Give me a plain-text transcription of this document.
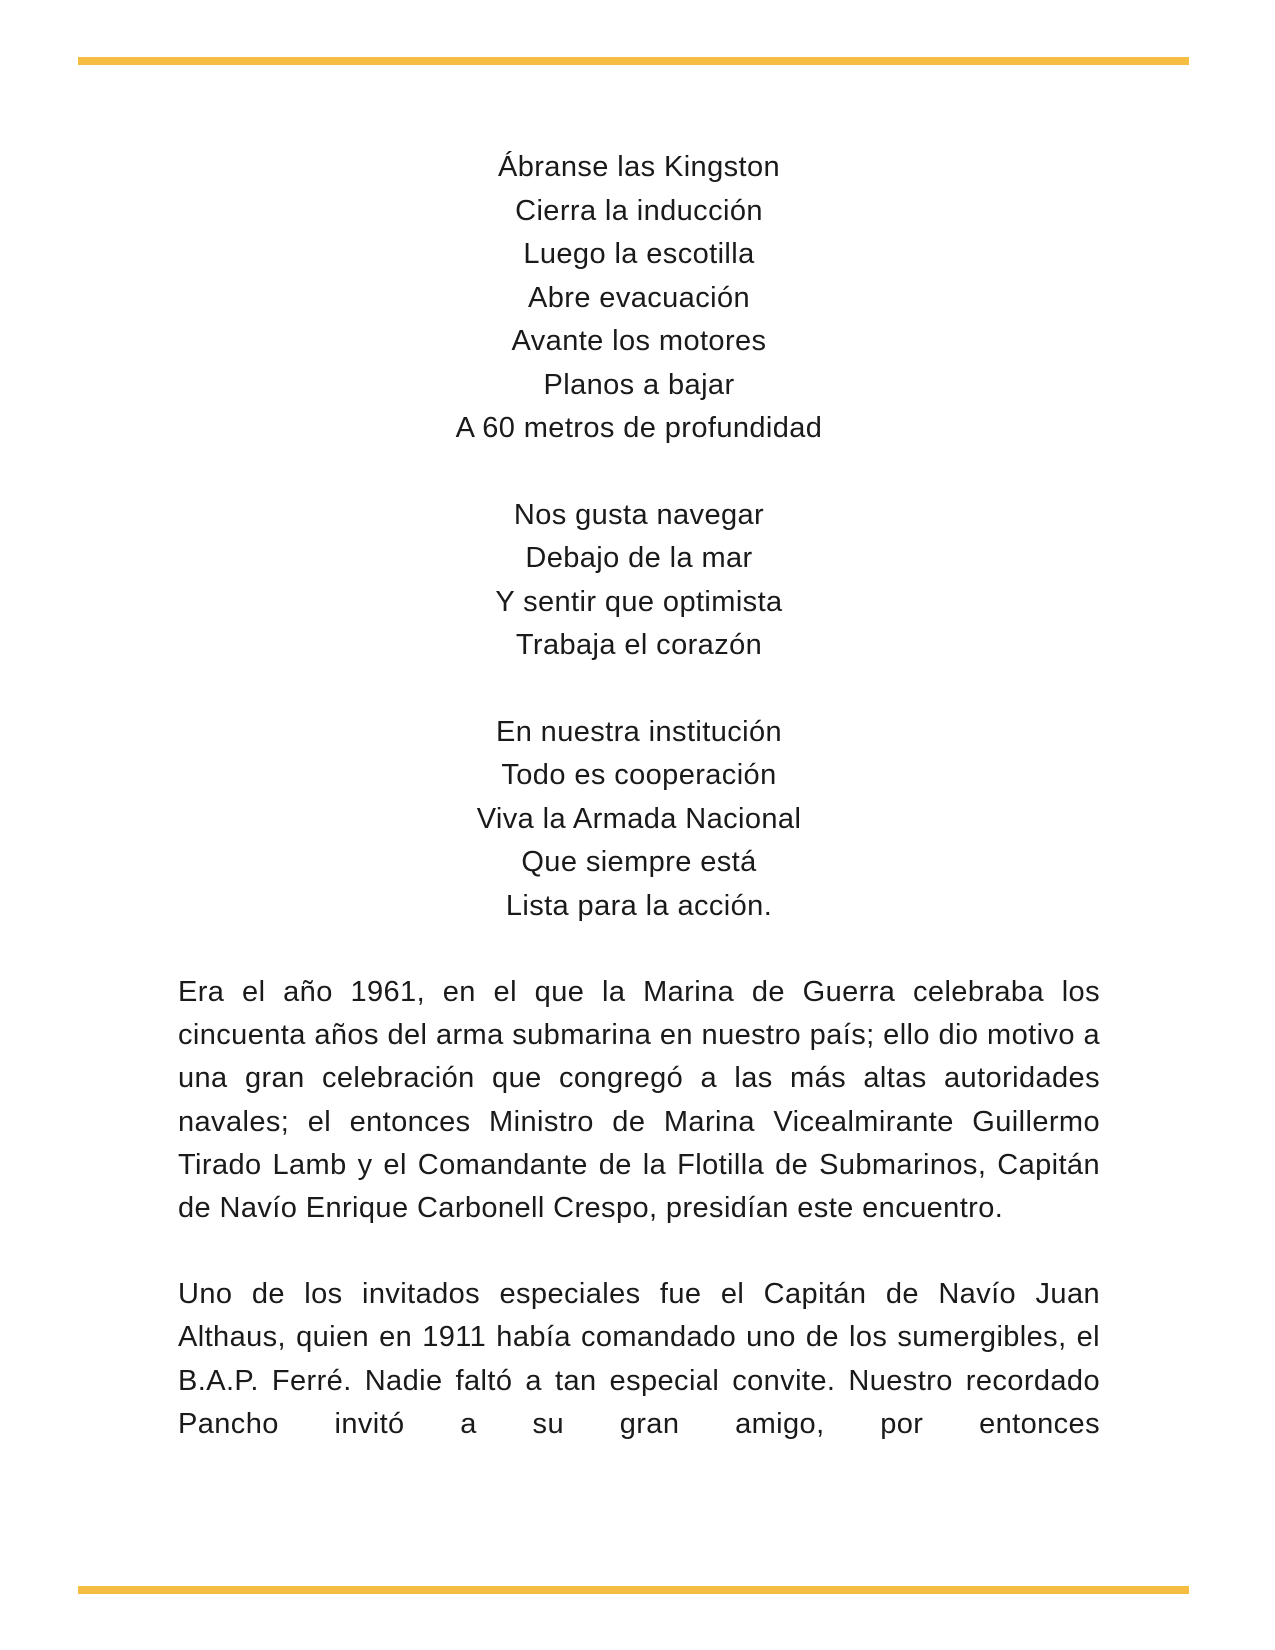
Ábranse las Kingston
Cierra la inducción
Luego la escotilla
Abre evacuación
Avante los motores
Planos a bajar
A 60 metros de profundidad
Nos gusta navegar
Debajo de la mar
Y sentir que optimista
Trabaja el corazón
En nuestra institución
Todo es cooperación
Viva la Armada Nacional
Que siempre está
Lista para la acción.

Era el año 1961, en el que la Marina de Guerra celebraba los cincuenta años del arma submarina en nuestro país; ello dio motivo a una gran celebración que congregó a las más altas autoridades navales; el entonces Ministro de Marina Vicealmirante Guillermo Tirado Lamb y el Comandante de la Flotilla de Submarinos, Capitán de Navío Enrique Carbonell Crespo, presidían este encuentro.

Uno de los invitados especiales fue el Capitán de Navío Juan Althaus, quien en 1911 había comandado uno de los sumergibles, el B.A.P. Ferré. Nadie faltó a tan especial convite. Nuestro recordado Pancho invitó a su gran amigo, por entonces
